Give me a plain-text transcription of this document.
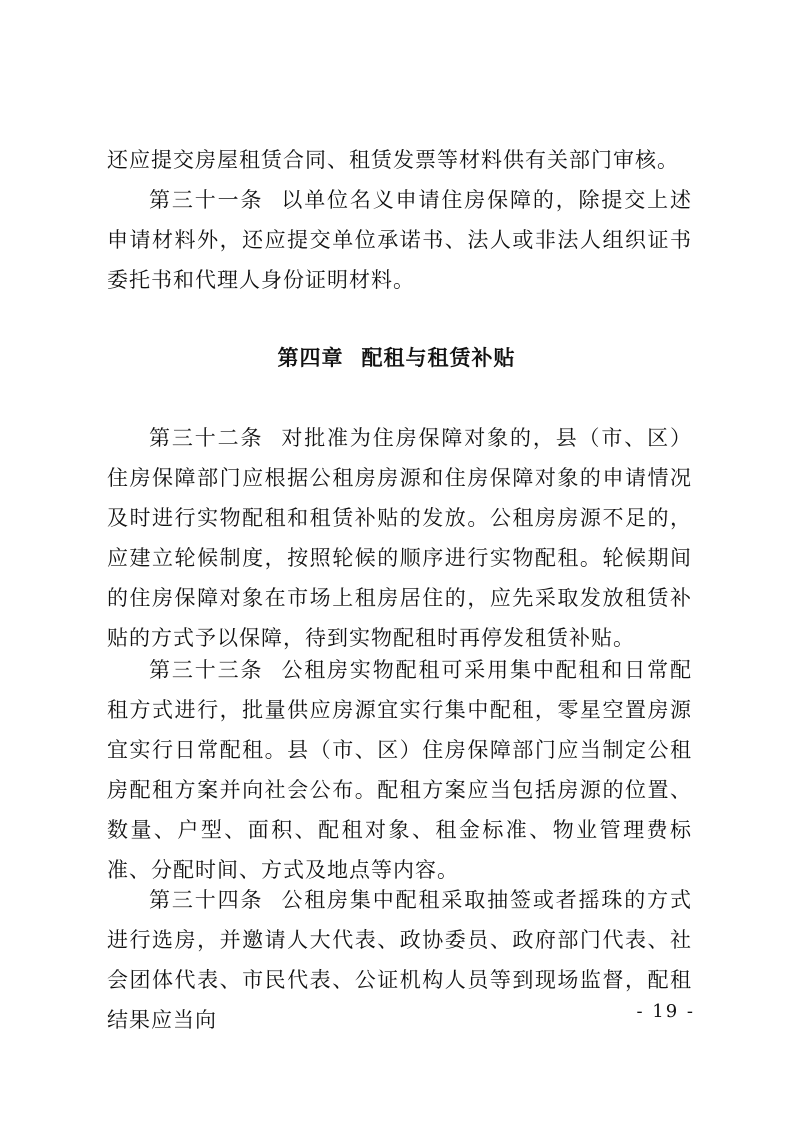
还应提交房屋租赁合同、租赁发票等材料供有关部门审核。

第三十一条 以单位名义申请住房保障的，除提交上述申请材料外，还应提交单位承诺书、法人或非法人组织证书委托书和代理人身份证明材料。

第四章 配租与租赁补贴

第三十二条 对批准为住房保障对象的，县（市、区）住房保障部门应根据公租房房源和住房保障对象的申请情况及时进行实物配租和租赁补贴的发放。公租房房源不足的，应建立轮候制度，按照轮候的顺序进行实物配租。轮候期间的住房保障对象在市场上租房居住的，应先采取发放租赁补贴的方式予以保障，待到实物配租时再停发租赁补贴。

第三十三条 公租房实物配租可采用集中配租和日常配租方式进行，批量供应房源宜实行集中配租，零星空置房源宜实行日常配租。县（市、区）住房保障部门应当制定公租房配租方案并向社会公布。配租方案应当包括房源的位置、数量、户型、面积、配租对象、租金标准、物业管理费标准、分配时间、方式及地点等内容。

第三十四条 公租房集中配租采取抽签或者摇珠的方式进行选房，并邀请人大代表、政协委员、政府部门代表、社会团体代表、市民代表、公证机构人员等到现场监督，配租结果应当向	- 19 -
